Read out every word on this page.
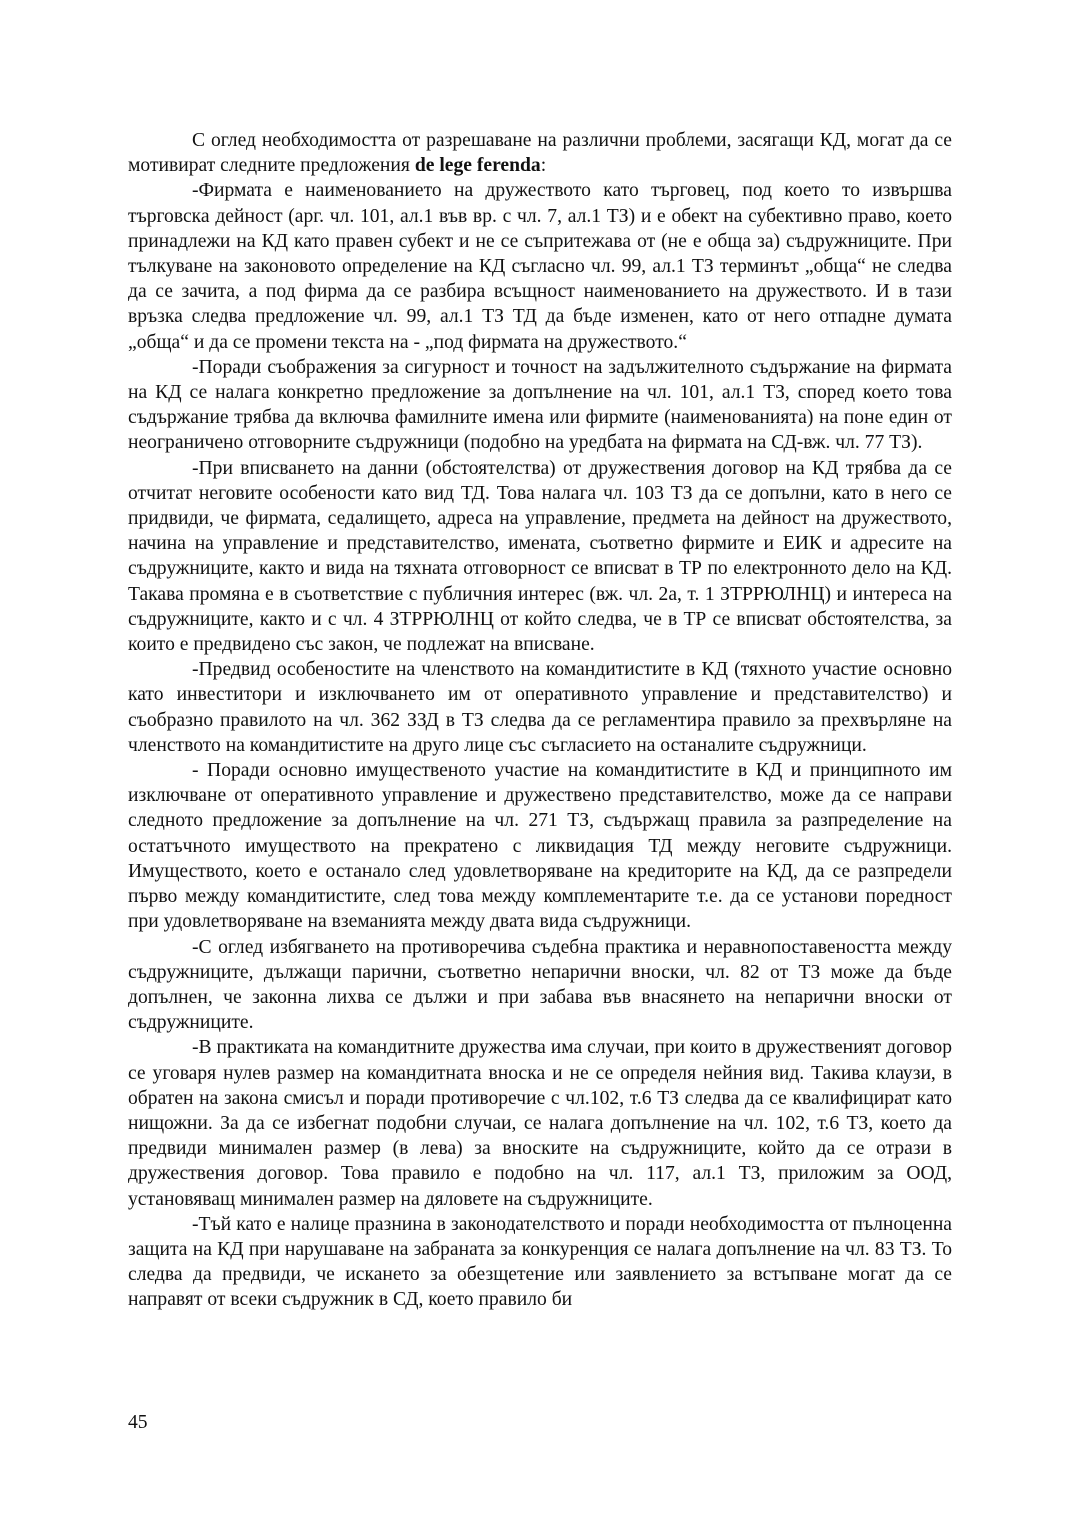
С оглед необходимостта от разрешаване на различни проблеми, засягащи КД, могат да се мотивират следните предложения de lege ferenda:

-Фирмата е наименованието на дружеството като търговец, под което то извършва търговска дейност (арг. чл. 101, ал.1 във вр. с чл. 7, ал.1 ТЗ) и е обект на субективно право, което принадлежи на КД като правен субект и не се съпритежава от (не е обща за) съдружниците. При тълкуване на законовото определение на КД съгласно чл. 99, ал.1 ТЗ терминът „обща“ не следва да се зачита, а под фирма да се разбира всъщност наименованието на дружеството. И в тази връзка следва предложение чл. 99, ал.1 ТЗ ТД да бъде изменен, като от него отпадне думата „обща“ и да се промени текста на - „под фирмата на дружеството.“

-Поради съображения за сигурност и точност на задължителното съдържание на фирмата на КД се налага конкретно предложение за допълнение на чл. 101, ал.1 ТЗ, според което това съдържание трябва да включва фамилните имена или фирмите (наименованията) на поне един от неограничено отговорните съдружници (подобно на уредбата на фирмата на СД-вж. чл. 77 ТЗ).

-При вписването на данни (обстоятелства) от дружествения договор на КД трябва да се отчитат неговите особености като вид ТД. Това налага чл. 103 ТЗ да се допълни, като в него се придвиди, че фирмата, седалището, адреса на управление, предмета на дейност на дружеството, начина на управление и представителство, имената, съответно фирмите и ЕИК и адресите на съдружниците, както и вида на тяхната отговорност се вписват в ТР по електронното дело на КД. Такава промяна е в съответствие с публичния интерес (вж. чл. 2а, т. 1 ЗТРРЮЛНЦ) и интереса на съдружниците, както и с чл. 4 ЗТРРЮЛНЦ от който следва, че в ТР се вписват обстоятелства, за които е предвидено със закон, че подлежат на вписване.

-Предвид особеностите на членството на командитистите в КД (тяхното участие основно като инвеститори и изключването им от оперативното управление и представителство) и съобразно правилото на чл. 362 ЗЗД в ТЗ следва да се регламентира правило за прехвърляне на членството на командитистите на друго лице със съгласието на останалите съдружници.

- Поради основно имущественото участие на командитистите в КД и принципното им изключване от оперативното управление и дружествено представителство, може да се направи следното предложение за допълнение на чл. 271 ТЗ, съдържащ правила за разпределение на остатъчното имуществото на прекратено с ликвидация ТД между неговите съдружници. Имуществото, което е останало след удовлетворяване на кредиторите на КД, да се разпредели първо между командитистите, след това между комплементарите т.е. да се установи поредност при удовлетворяване на вземанията между двата вида съдружници.

-С оглед избягването на противоречива съдебна практика и неравнопоставеността между съдружниците, дължащи парични, съответно непарични вноски, чл. 82 от ТЗ може да бъде допълнен, че законна лихва се дължи и при забава във внасянето на непарични вноски от съдружниците.

-В практиката на командитните дружества има случаи, при които в дружественият договор се уговаря нулев размер на командитната вноска и не се определя нейния вид. Такива клаузи, в обратен на закона смисъл и поради противоречие с чл.102, т.6 ТЗ следва да се квалифицират като нищожни. За да се избегнат подобни случаи, се налага допълнение на чл. 102, т.6 ТЗ, което да предвиди минимален размер (в лева) за вноските на съдружниците, който да се отрази в дружествения договор. Това правило е подобно на чл. 117, ал.1 ТЗ, приложим за ООД, установяващ минимален размер на дяловете на съдружниците.

-Тъй като е налице празнина в законодателството и поради необходимостта от пълноценна защита на КД при нарушаване на забраната за конкуренция се налага допълнение на чл. 83 ТЗ. То следва да предвиди, че искането за обезщетение или заявлението за встъпване могат да се направят от всеки съдружник в СД, което правило би

45
